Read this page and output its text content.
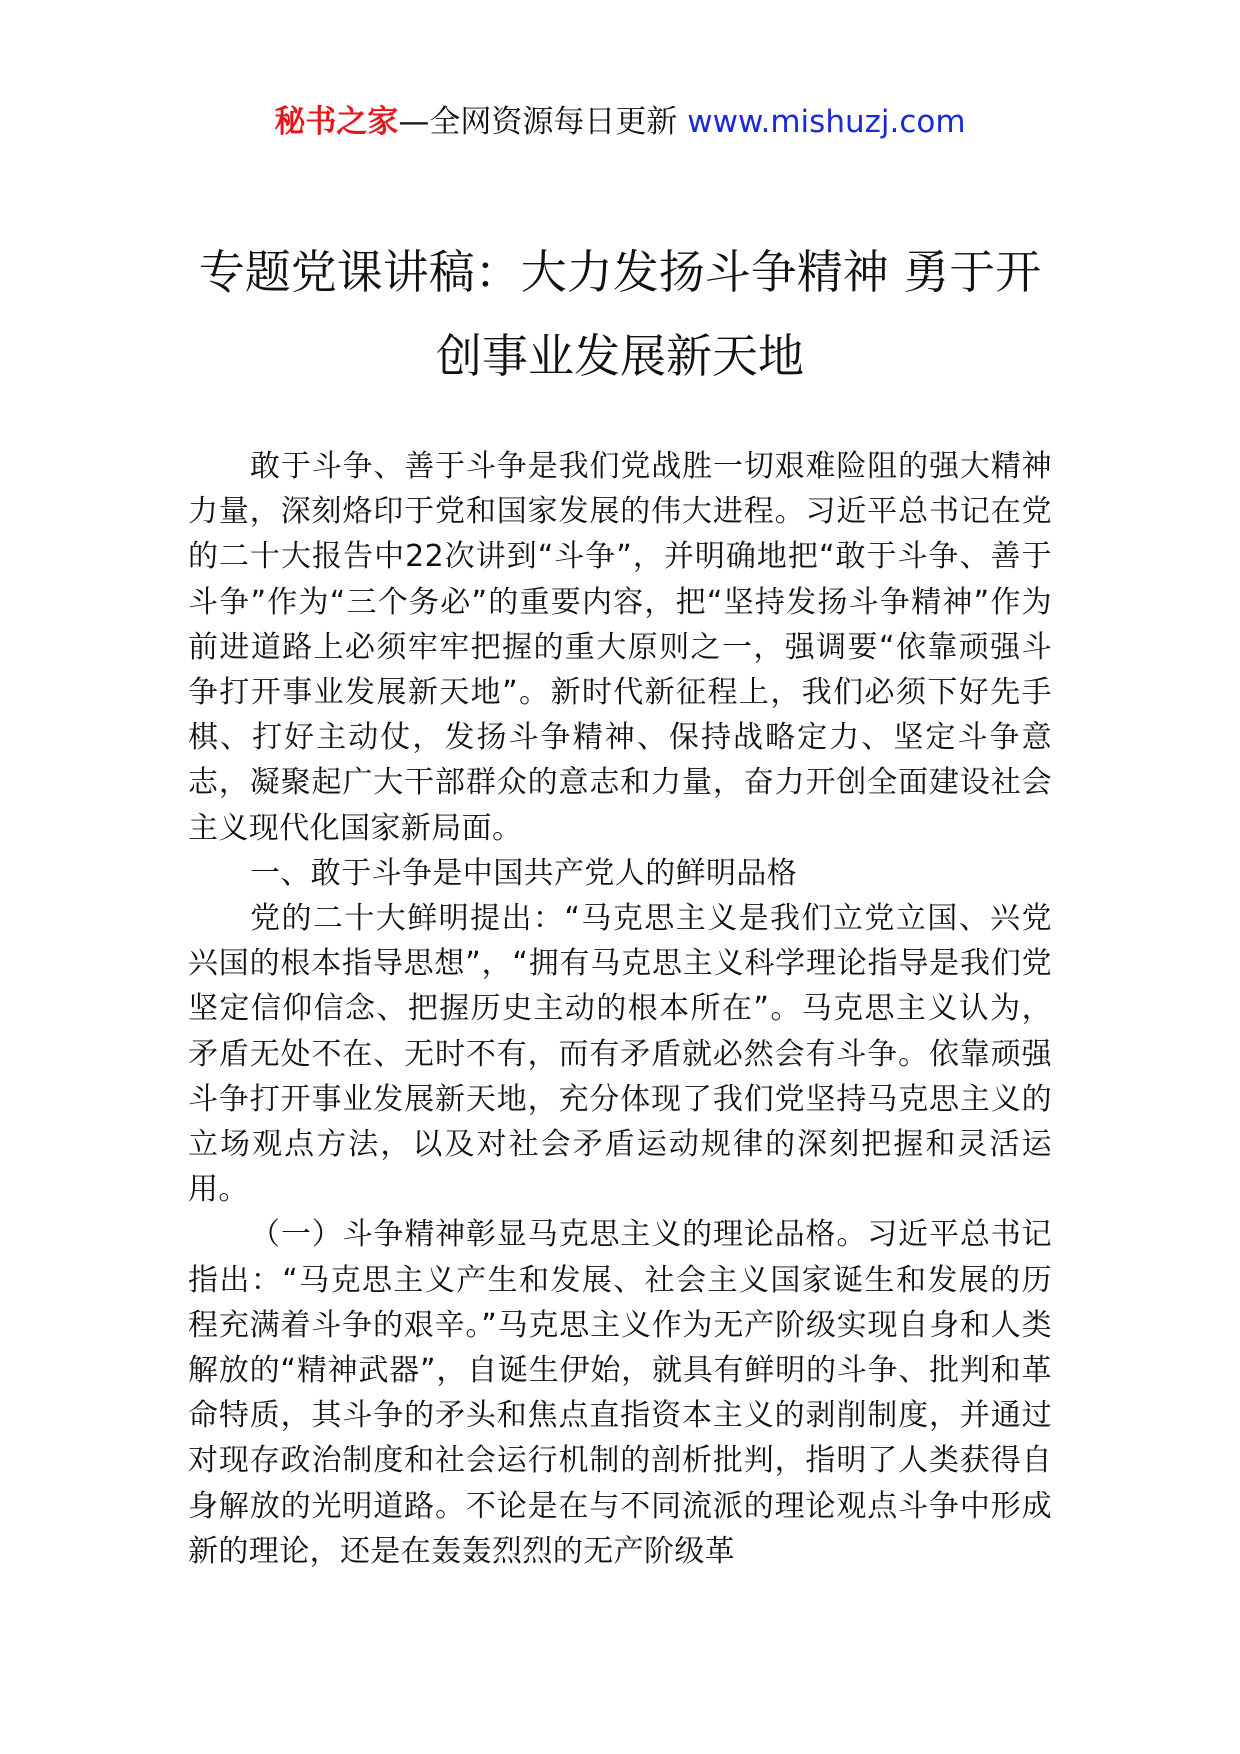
秘书之家—全网资源每日更新 www.mishuzj.com
专题党课讲稿：大力发扬斗争精神 勇于开
创事业发展新天地

敢于斗争、善于斗争是我们党战胜一切艰难险阻的强大精神力量，深刻烙印于党和国家发展的伟大进程。习近平总书记在党的二十大报告中22次讲到“斗争”，并明确地把“敢于斗争、善于斗争”作为“三个务必”的重要内容，把“坚持发扬斗争精神”作为前进道路上必须牢牢把握的重大原则之一，强调要“依靠顽强斗争打开事业发展新天地”。新时代新征程上，我们必须下好先手棋、打好主动仗，发扬斗争精神、保持战略定力、坚定斗争意志，凝聚起广大干部群众的意志和力量，奋力开创全面建设社会主义现代化国家新局面。

一、敢于斗争是中国共产党人的鲜明品格

党的二十大鲜明提出：“马克思主义是我们立党立国、兴党兴国的根本指导思想”，“拥有马克思主义科学理论指导是我们党坚定信仰信念、把握历史主动的根本所在”。马克思主义认为，矛盾无处不在、无时不有，而有矛盾就必然会有斗争。依靠顽强斗争打开事业发展新天地，充分体现了我们党坚持马克思主义的立场观点方法，以及对社会矛盾运动规律的深刻把握和灵活运用。

（一）斗争精神彰显马克思主义的理论品格。习近平总书记指出：“马克思主义产生和发展、社会主义国家诞生和发展的历程充满着斗争的艰辛。”马克思主义作为无产阶级实现自身和人类解放的“精神武器”，自诞生伊始，就具有鲜明的斗争、批判和革命特质，其斗争的矛头和焦点直指资本主义的剥削制度，并通过对现存政治制度和社会运行机制的剖析批判，指明了人类获得自身解放的光明道路。不论是在与不同流派的理论观点斗争中形成新的理论，还是在轰轰烈烈的无产阶级革
